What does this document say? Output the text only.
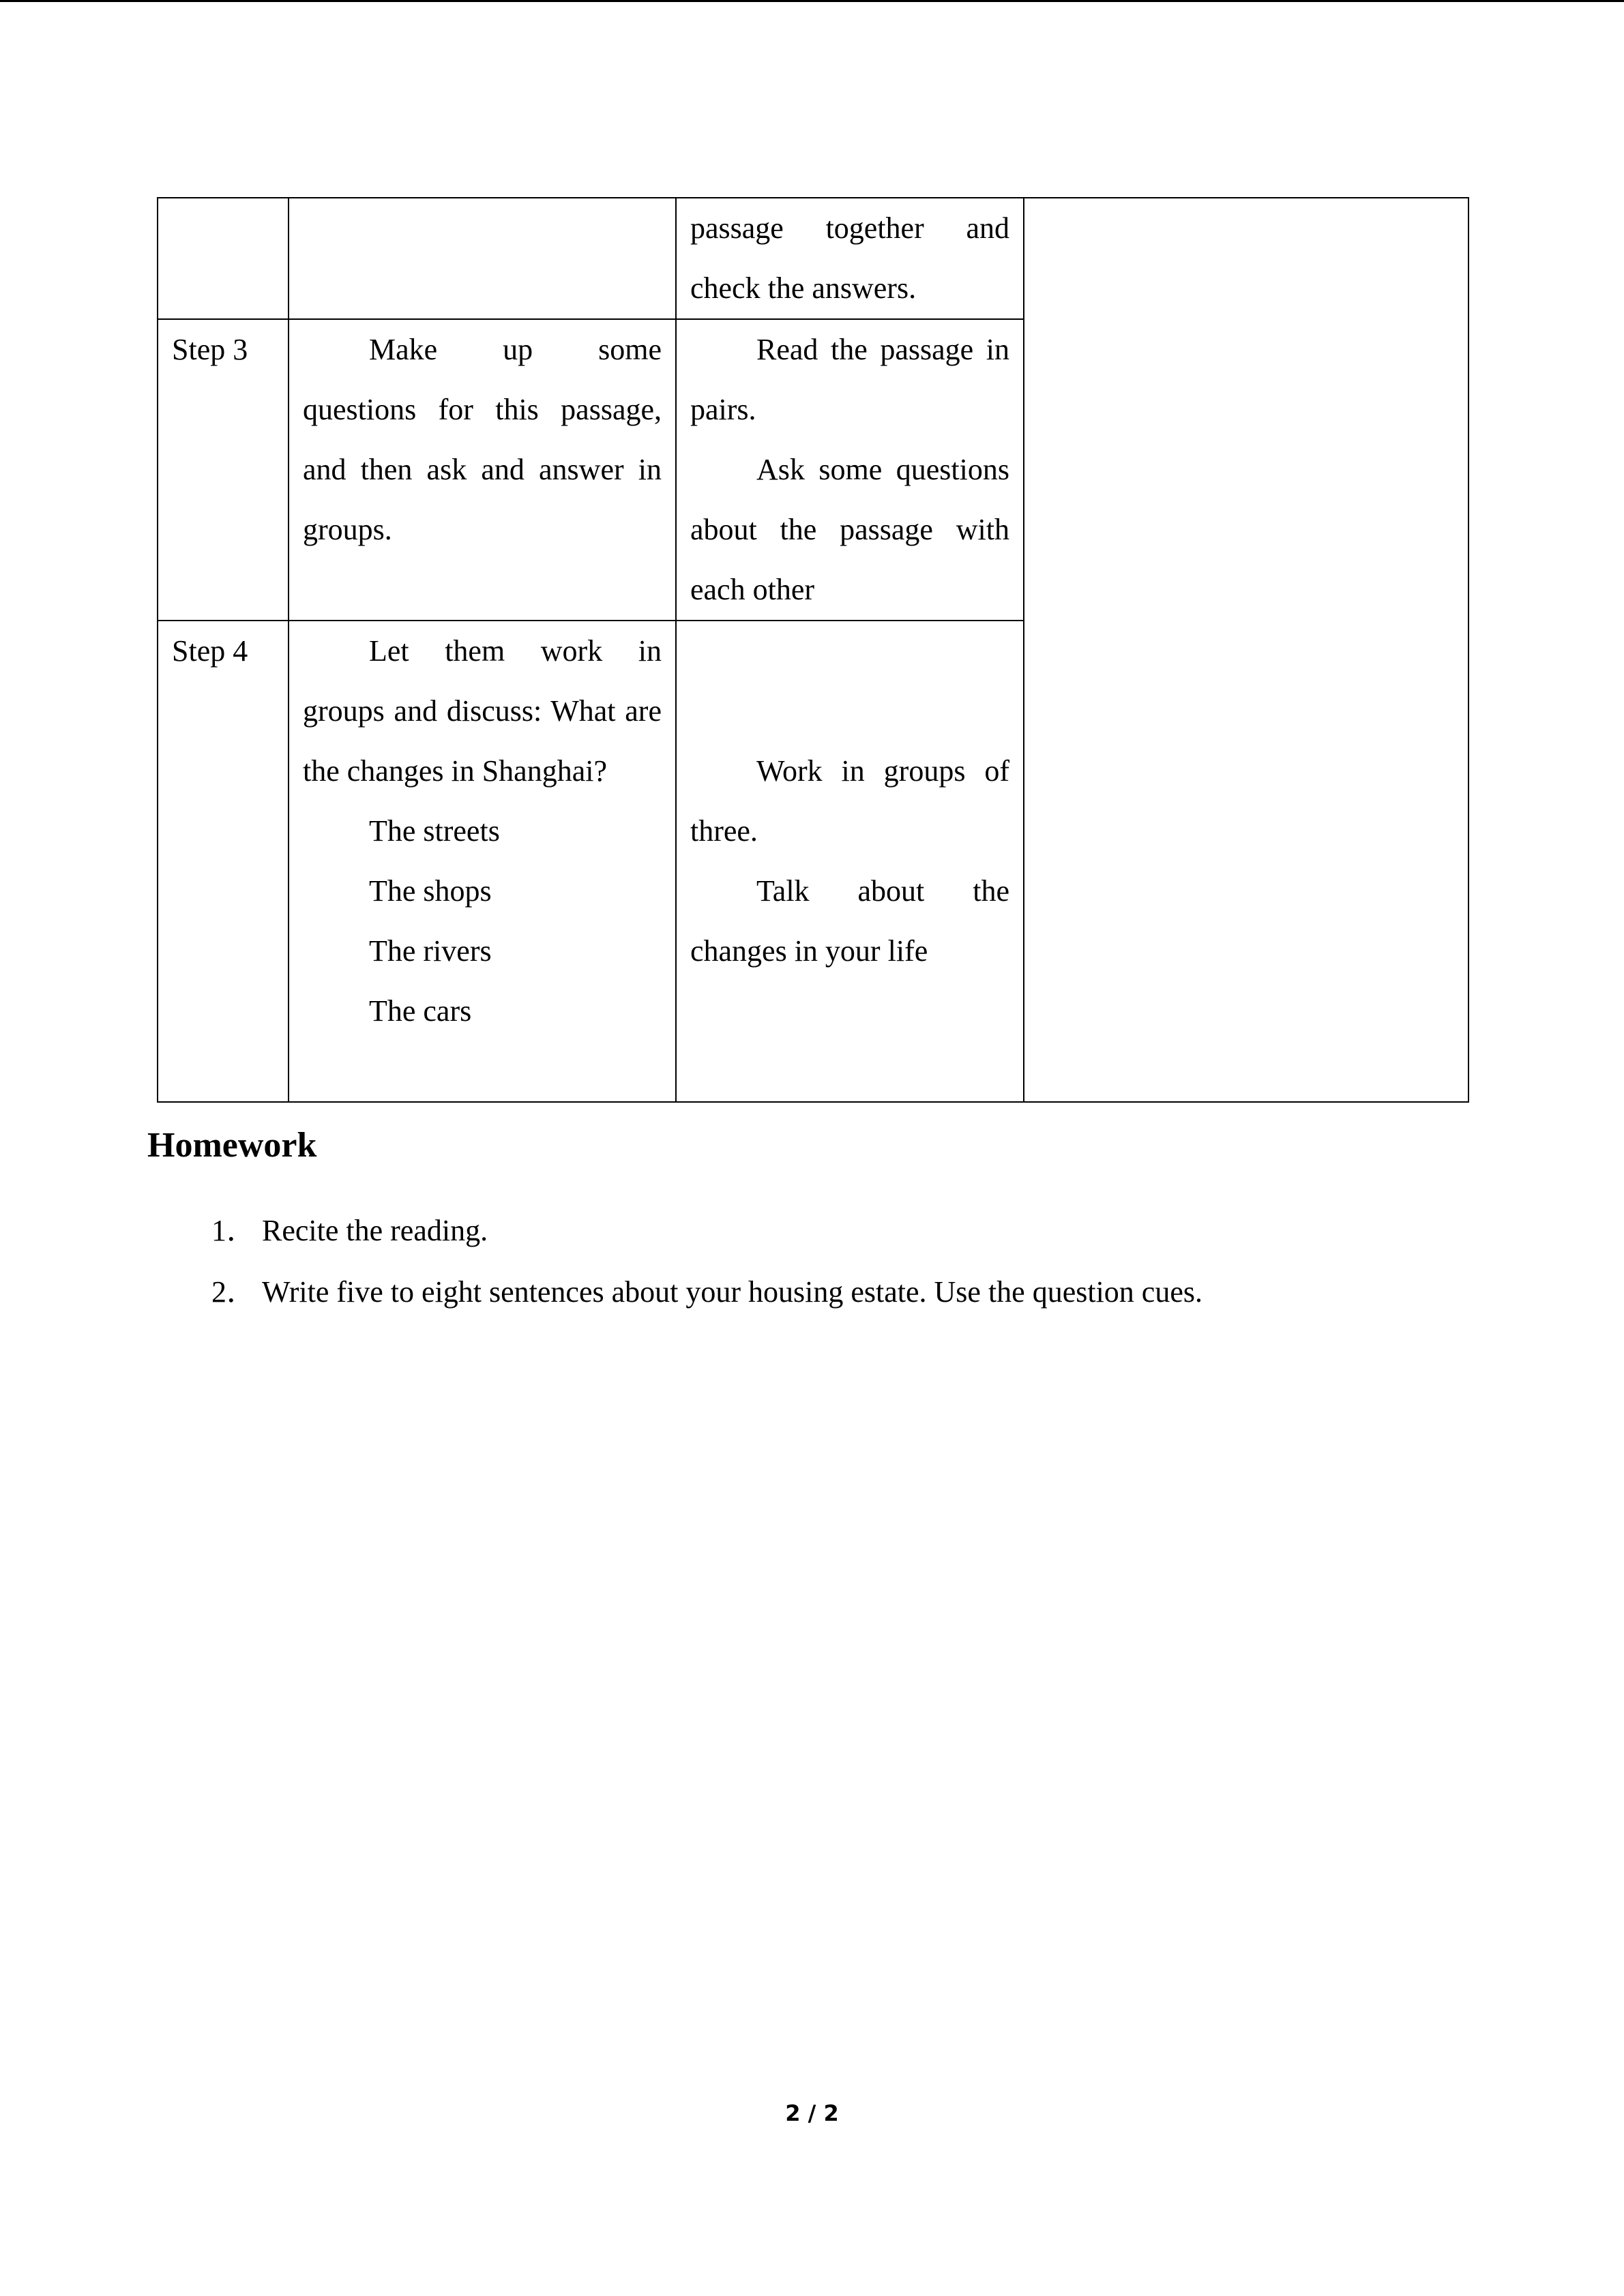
		passage together and check the answers.	

Step 3	Make up some questions for this passage, and then ask and answer in groups.	Read the passage in pairs.
Ask some questions about the passage with each other	

Step 4	Let them work in groups and discuss: What are the changes in Shanghai?
The streets
The shops
The rivers
The cars	Work in groups of three.
Talk about the changes in your life	
Homework
1． Recite the reading.
2． Write five to eight sentences about your housing estate. Use the question cues.
2 / 2
